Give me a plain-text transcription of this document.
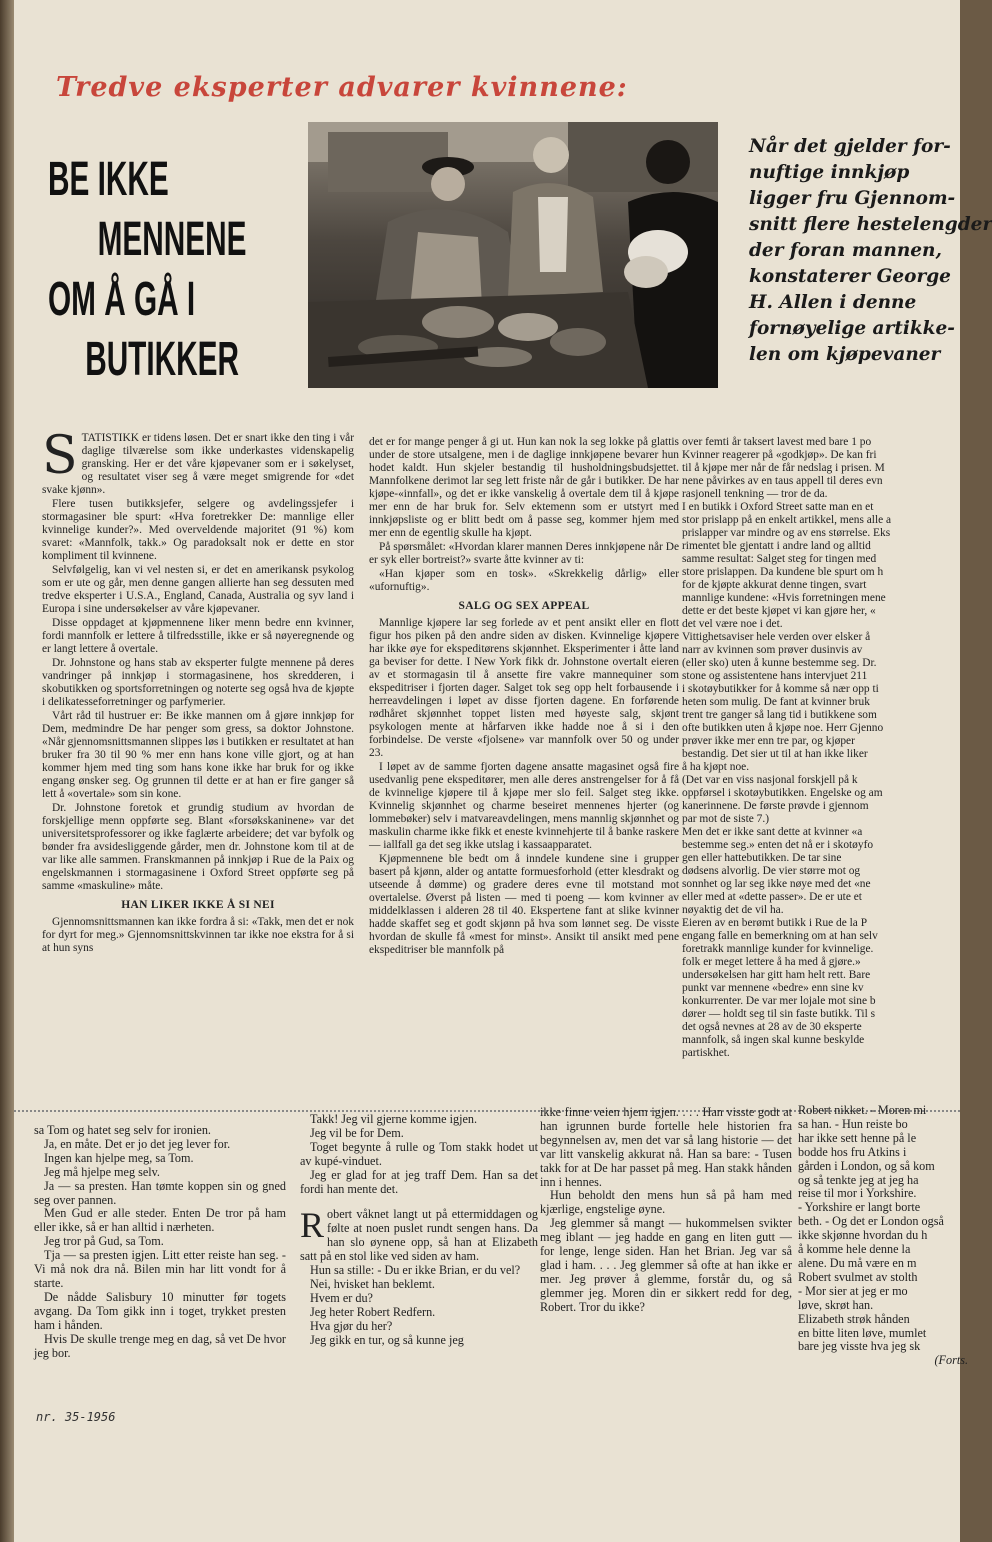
Tredve eksperter advarer kvinnene:
BE IKKE
MENNENE
OM Å GÅ I
BUTIKKER
Når det gjelder for-
nuftige innkjøp
ligger fru Gjennom-
snitt flere hestelengder
der foran mannen,
konstaterer George
H. Allen i denne
fornøyelige artikke-
len om kjøpevaner
S TATISTIKK er tidens løsen. Det er snart ikke den ting i vår daglige tilværelse som ikke underkastes videnskapelig gransking. Her er det våre kjøpevaner som er i søkelyset, og resultatet viser seg å være meget smigrende for «det svake kjønn».

Flere tusen butikksjefer, selgere og avdelingssjefer i stormagasiner ble spurt: «Hva foretrekker De: mannlige eller kvinnelige kunder?». Med overveldende majoritet (91 %) kom svaret: «Mannfolk, takk.» Og paradoksalt nok er dette en stor kompliment til kvinnene.

Selvfølgelig, kan vi vel nesten si, er det en amerikansk psykolog som er ute og går, men denne gangen allierte han seg dessuten med tredve eksperter i U.S.A., England, Canada, Australia og syv land i Europa i sine undersøkelser av våre kjøpevaner.

Disse oppdaget at kjøpmennene liker menn bedre enn kvinner, fordi mannfolk er lettere å tilfredsstille, ikke er så nøyeregnende og er langt lettere å overtale.

Dr. Johnstone og hans stab av eksperter fulgte mennene på deres vandringer på innkjøp i stormagasinene, hos skredderen, i skobutikken og sportsforretningen og noterte seg også hva de kjøpte i delikatesseforretninger og parfymerier.

Vårt råd til hustruer er: Be ikke mannen om å gjøre innkjøp for Dem, medmindre De har penger som gress, sa doktor Johnstone. «Når gjennomsnittsmannen slippes løs i butikken er resultatet at han bruker fra 30 til 90 % mer enn hans kone ville gjort, og at han kommer hjem med ting som hans kone ikke har bruk for og ikke engang ønsker seg. Og grunnen til dette er at han er fire ganger så lett å «overtale» som sin kone.

Dr. Johnstone foretok et grundig studium av hvordan de forskjellige menn oppførte seg. Blant «forsøkskaninene» var det universitetsprofessorer og ikke faglærte arbeidere; det var byfolk og bønder fra avsidesliggende gårder, men dr. Johnstone kom til at de var like alle sammen. Franskmannen på innkjøp i Rue de la Paix og engelskmannen i stormagasinene i Oxford Street oppførte seg på samme «maskuline» måte.

HAN LIKER IKKE Å SI NEI

Gjennomsnittsmannen kan ikke fordra å si: «Takk, men det er nok for dyrt for meg.» Gjennomsnittskvinnen tar ikke noe ekstra for å si at hun syns

det er for mange penger å gi ut. Hun kan nok la seg lokke på glattis under de store utsalgene, men i de daglige innkjøpene bevarer hun hodet kaldt. Hun skjeler bestandig til husholdningsbudsjettet. Mannfolkene derimot lar seg lett friste når de går i butikker. De har kjøpe-«innfall», og det er ikke vanskelig å overtale dem til å kjøpe mer enn de har bruk for. Selv ektemenn som er utstyrt med innkjøpsliste og er blitt bedt om å passe seg, kommer hjem med mer enn de egentlig skulle ha kjøpt.

På spørsmålet: «Hvordan klarer mannen Deres innkjøpene når De er syk eller bortreist?» svarte åtte kvinner av ti:

«Han kjøper som en tosk». «Skrekkelig dårlig» eller «ufornuftig».

SALG OG SEX APPEAL

Mannlige kjøpere lar seg forlede av et pent ansikt eller en flott figur hos piken på den andre siden av disken. Kvinnelige kjøpere har ikke øye for ekspeditørens skjønnhet. Eksperimenter i åtte land ga beviser for dette. I New York fikk dr. Johnstone overtalt eieren av et stormagasin til å ansette fire vakre mannequiner som ekspeditriser i fjorten dager. Salget tok seg opp helt forbausende i herreavdelingen i løpet av disse fjorten dagene. En forførende rødhåret skjønnhet toppet listen med høyeste salg, skjønt psykologen mente at hårfarven ikke hadde noe å si i den forbindelse. De verste «fjolsene» var mannfolk over 50 og under 23.

I løpet av de samme fjorten dagene ansatte magasinet også fire usedvanlig pene ekspeditører, men alle deres anstrengelser for å få de kvinnelige kjøpere til å kjøpe mer slo feil. Salget steg ikke. Kvinnelig skjønnhet og charme beseiret mennenes hjerter (og lommebøker) selv i matvareavdelingen, mens mannlig skjønnhet og maskulin charme ikke fikk et eneste kvinnehjerte til å banke raskere — iallfall ga det seg ikke utslag i kassaapparatet.

Kjøpmennene ble bedt om å inndele kundene sine i grupper basert på kjønn, alder og antatte formuesforhold (etter klesdrakt og utseende å dømme) og gradere deres evne til motstand mot overtalelse. Øverst på listen — med ti poeng — kom kvinner av middelklassen i alderen 28 til 40. Ekspertene fant at slike kvinner hadde skaffet seg et godt skjønn på hva som lønnet seg. De visste hvordan de skulle få «mest for minst». Ansikt til ansikt med pene ekspeditriser ble mannfolk på

over femti år taksert lavest med bare 1 po
Kvinner reagerer på «godkjøp». De kan fri
til å kjøpe mer når de får nedslag i prisen. M
nene påvirkes av en taus appell til deres evn
rasjonell tenkning — tror de da.
I en butikk i Oxford Street satte man en et
stor prislapp på en enkelt artikkel, mens alle a
prislapper var mindre og av ens størrelse. Eks
rimentet ble gjentatt i andre land og alltid
samme resultat: Salget steg for tingen med
store prislappen. Da kundene ble spurt om h
for de kjøpte akkurat denne tingen, svart
mannlige kundene: «Hvis forretningen mene
dette er det beste kjøpet vi kan gjøre her, «
det vel være noe i det.
Vittighetsaviser hele verden over elsker å
narr av kvinnen som prøver dusinvis av
(eller sko) uten å kunne bestemme seg. Dr.
stone og assistentene hans intervjuet 211
i skotøybutikker for å komme så nær opp ti
heten som mulig. De fant at kvinner bruk
trent tre ganger så lang tid i butikkene som
ofte butikken uten å kjøpe noe. Herr Gjenno
prøver ikke mer enn tre par, og kjøper
bestandig. Det sier ut til at han ikke liker
å ha kjøpt noe.
(Det var en viss nasjonal forskjell på k
oppførsel i skotøybutikken. Engelske og am
kanerinnene. De første prøvde i gjennom
par mot de siste 7.)
Men det er ikke sant dette at kvinner «a
bestemme seg.» enten det nå er i skotøyfo
gen eller hattebutikken. De tar sine
dødsens alvorlig. De vier større mot og
sonnhet og lar seg ikke nøye med det «ne
eller med at «dette passer». De er ute et
nøyaktig det de vil ha.
Eieren av en berømt butikk i Rue de la P
engang falle en bemerkning om at han selv
foretrakk mannlige kunder for kvinnelige.
folk er meget lettere å ha med å gjøre.»
undersøkelsen har gitt ham helt rett. Bare
punkt var mennene «bedre» enn sine kv
konkurrenter. De var mer lojale mot sine b
dører — holdt seg til sin faste butikk. Til s
det også nevnes at 28 av de 30 eksperte
mannfolk, så ingen skal kunne beskylde
partiskhet.

sa Tom og hatet seg selv for ironien.

Ja, en måte. Det er jo det jeg lever for.

Ingen kan hjelpe meg, sa Tom.

Jeg må hjelpe meg selv.

Ja — sa presten. Han tømte koppen sin og gned seg over pannen.

Men Gud er alle steder. Enten De tror på ham eller ikke, så er han alltid i nærheten.

Jeg tror på Gud, sa Tom.

Tja — sa presten igjen. Litt etter reiste han seg. - Vi må nok dra nå. Bilen min har litt vondt for å starte.

De nådde Salisbury 10 minutter før togets avgang. Da Tom gikk inn i toget, trykket presten ham i hånden.

Hvis De skulle trenge meg en dag, så vet De hvor jeg bor.

Takk! Jeg vil gjerne komme igjen.

Jeg vil be for Dem.

Toget begynte å rulle og Tom stakk hodet ut av kupé-vinduet.

Jeg er glad for at jeg traff Dem. Han sa det fordi han mente det.

R obert våknet langt ut på ettermiddagen og følte at noen puslet rundt sengen hans. Da han slo øynene opp, så han at Elizabeth satt på en stol like ved siden av ham.

Hun sa stille: - Du er ikke Brian, er du vel?

Nei, hvisket han beklemt.

Hvem er du?

Jeg heter Robert Redfern.

Hva gjør du her?

Jeg gikk en tur, og så kunne jeg

ikke finne veien hjem igjen. . . . Han visste godt at han igrunnen burde fortelle hele historien fra begynnelsen av, men det var så lang historie — det var litt vanskelig akkurat nå. Han sa bare: - Tusen takk for at De har passet på meg. Han stakk hånden inn i hennes.

Hun beholdt den mens hun så på ham med kjærlige, engstelige øyne.

Jeg glemmer så mangt — hukommelsen svikter meg iblant — jeg hadde en gang en liten gutt — for lenge, lenge siden. Han het Brian. Jeg var så glad i ham. . . . Jeg glemmer så ofte at han ikke er mer. Jeg prøver å glemme, forstår du, og så glemmer jeg. Moren din er sikkert redd for deg, Robert. Tror du ikke?

Robert nikket. - Moren mi
sa han. - Hun reiste bo
har ikke sett henne på le
bodde hos fru Atkins i
gården i London, og så kom
og så tenkte jeg at jeg ha
reise til mor i Yorkshire.
- Yorkshire er langt borte
beth. - Og det er London også
ikke skjønne hvordan du h
å komme hele denne la
alene. Du må være en m
Robert svulmet av stolth
- Mor sier at jeg er mo
løve, skrøt han.
Elizabeth strøk hånden
en bitte liten løve, mumlet
bare jeg visste hva jeg sk
(Forts.
nr. 35-1956
